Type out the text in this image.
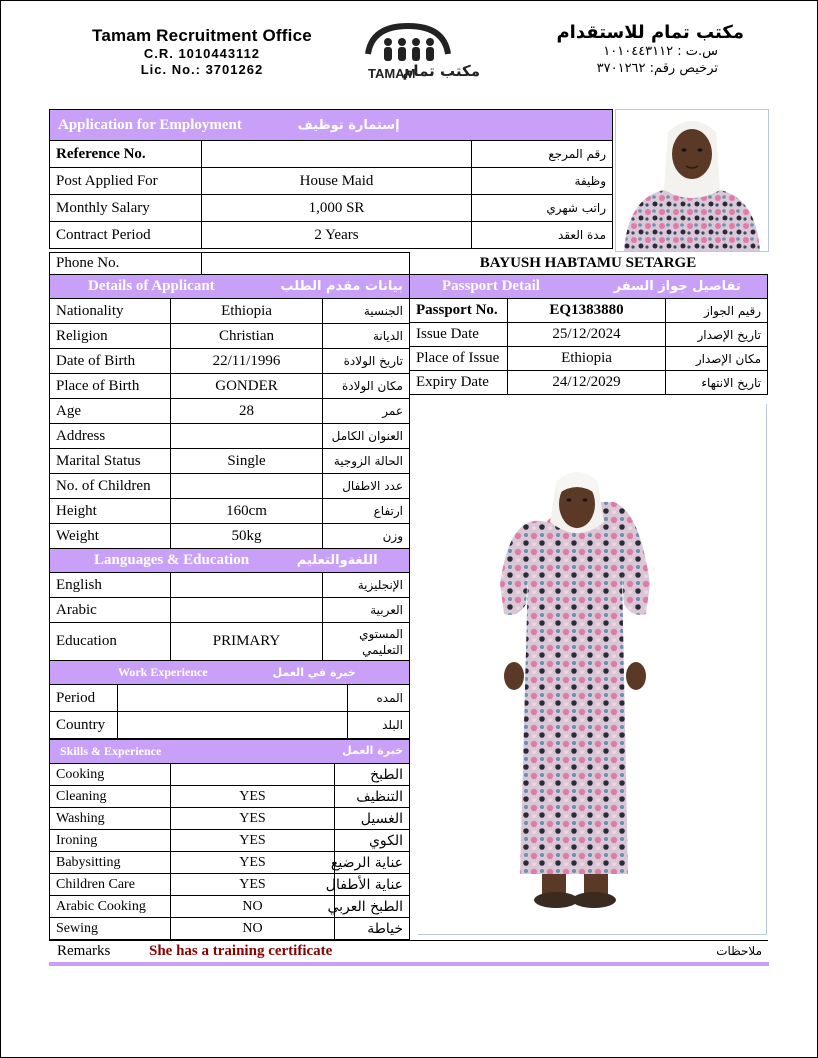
Tamam Recruitment Office
C.R. 1010443112
Lic. No.: 3701262	TAMAM
مكتب تمام
مكتب تمام للاستقدام
س.ت : ١٠١٠٤٤٣١١٢
ترخيص رقم: ٣٧٠١٢٦٢
Application for Employment إستمارة توظيف		
Reference No.		رقم المرجع
Post Applied For	House Maid	وظيفة
Monthly Salary	1,000 SR	راتب شهري
Contract Period	2 Years	مدة العقد
Phone No.		BAYUSH HABTAMU SETARGE
Details of Applicant بيانات مقدم الطلب		
Nationality	Ethiopia	الجنسية
Religion	Christian	الديانة
Date of Birth	22/11/1996	تاريخ الولادة
Place of Birth	GONDER	مكان الولادة
Age	28	عمر
Address		العنوان الكامل
Marital Status	Single	الحالة الزوجية
No. of Children		عدد الاطفال
Height	160cm	ارتفاع
Weight	50kg	وزن
Passport Detail تفاصيل جواز السفر		
Passport No.	EQ1383880	رقيم الجواز
Issue Date	25/12/2024	تاريخ الإصدار
Place of Issue	Ethiopia	مكان الإصدار
Expiry Date	24/12/2029	تاريخ الانتهاء
Languages & Education اللغةوالتعليم		
English		الإنجليزية
Arabic		العربية
Education	PRIMARY	المستوي التعليمي
Work Experience خبرة في العمل		
Period		المده
Country		البلد
Skills & Experience خبرة العمل		

Cooking		الطبخ
Cleaning	YES	التنظيف
Washing	YES	الغسيل
Ironing	YES	الكوي
Babysitting	YES	عناية الرضيع
Children Care	YES	عناية الأطفال
Arabic Cooking	NO	الطبخ العربي
Sewing	NO	خياطة
Remarks	She has a training certificate	ملاحظات
